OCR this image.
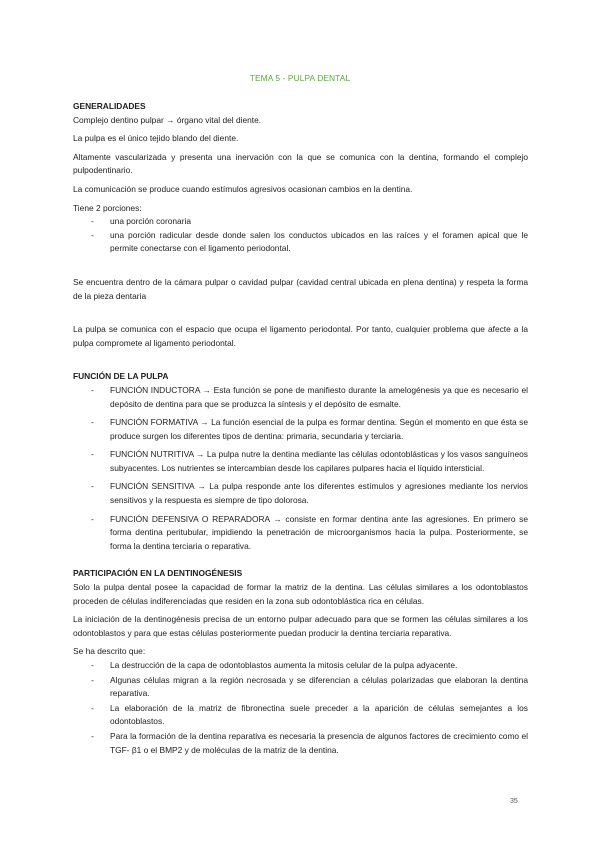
TEMA 5 - PULPA DENTAL
GENERALIDADES

Complejo dentino pulpar → órgano vital del diente.

La pulpa es el único tejido blando del diente.

Altamente vascularizada y presenta una inervación con la que se comunica con la dentina, formando el complejo pulpodentinario.

La comunicación se produce cuando estímulos agresivos ocasionan cambios en la dentina.

Tiene 2 porciones:

- una porción coronaria
- una porción radicular desde donde salen los conductos ubicados en las raíces y el foramen apical que le permite conectarse con el ligamento periodontal.

Se encuentra dentro de la cámara pulpar o cavidad pulpar (cavidad central ubicada en plena dentina) y respeta la forma de la pieza dentaria

La pulpa se comunica con el espacio que ocupa el ligamento periodontal. Por tanto, cualquier problema que afecte a la pulpa compromete al ligamento periodontal.

FUNCIÓN DE LA PULPA
- FUNCIÓN INDUCTORA → Esta función se pone de manifiesto durante la amelogénesis ya que es necesario el depósito de dentina para que se produzca la síntesis y el depósito de esmalte.
- FUNCIÓN FORMATIVA → La función esencial de la pulpa es formar dentina. Según el momento en que ésta se produce surgen los diferentes tipos de dentina: primaria, secundaria y terciaria.
- FUNCIÓN NUTRITIVA → La pulpa nutre la dentina mediante las células odontoblásticas y los vasos sanguíneos subyacentes. Los nutrientes se intercambian desde los capilares pulpares hacia el líquido intersticial.
- FUNCIÓN SENSITIVA → La pulpa responde ante los diferentes estímulos y agresiones mediante los nervios sensitivos y la respuesta es siempre de tipo dolorosa.
- FUNCIÓN DEFENSIVA O REPARADORA → consiste en formar dentina ante las agresiones. En primero se forma dentina peritubular, impidiendo la penetración de microorganismos hacia la pulpa. Posteriormente, se forma la dentina terciaria o reparativa.
PARTICIPACIÓN EN LA DENTINOGÉNESIS

Solo la pulpa dental posee la capacidad de formar la matriz de la dentina. Las células similares a los odontoblastos proceden de células indiferenciadas que residen en la zona sub odontoblástica rica en células.

La iniciación de la dentinogénesis precisa de un entorno pulpar adecuado para que se formen las células similares a los odontoblastos y para que estas células posteriormente puedan producir la dentina terciaria reparativa.

Se ha descrito que:

- La destrucción de la capa de odontoblastos aumenta la mitosis celular de la pulpa adyacente.
- Algunas células migran a la región necrosada y se diferencian a células polarizadas que elaboran la dentina reparativa.
- La elaboración de la matriz de fibronectina suele preceder a la aparición de células semejantes a los odontoblastos.
- Para la formación de la dentina reparativa es necesaria la presencia de algunos factores de crecimiento como el TGF- β1 o el BMP2 y de moléculas de la matriz de la dentina.
35
